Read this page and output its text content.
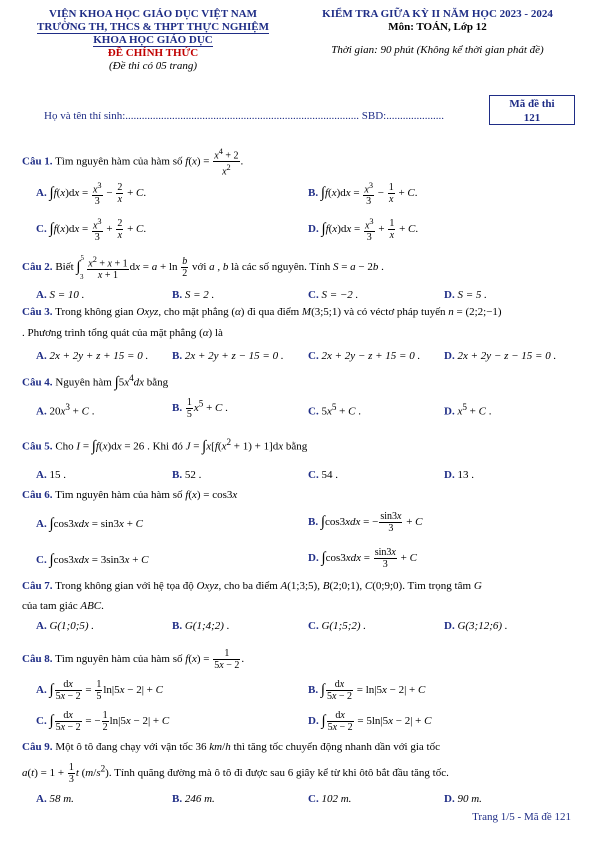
VIỆN KHOA HỌC GIÁO DỤC VIỆT NAM
TRƯỜNG TH, THCS & THPT THỰC NGHIỆM
KHOA HỌC GIÁO DỤC
ĐỀ CHÍNH THỨC
(Đề thi có 05 trang)
KIỂM TRA GIỮA KỲ II NĂM HỌC 2023 - 2024
Môn: TOÁN, Lớp 12
Thời gian: 90 phút (Không kể thời gian phát đề)
Họ và tên thí sinh:..................................................................................... SBD:.....................
Mã đề thi
121
Câu 1. Tìm nguyên hàm của hàm số $f(x) = \frac{x^4 + 2}{x^2}$ .
A. $\int f(x)dx = \frac{x^3}{3} - \frac{2}{x} + C$.	B. $\int f(x)dx = \frac{x^3}{3} - \frac{1}{x} + C$.
C. $\int f(x)dx = \frac{x^3}{3} + \frac{2}{x} + C$.	D. $\int f(x)dx = \frac{x^3}{3} + \frac{1}{x} + C$.
Câu 2. Biết $\int^53 \frac{x^2 + x + 1}{x + 1}$ dx = $a + \ln \frac{b}{2}$ với a , b là các số nguyên. Tính S = a − 2b .
A. S = 10 .	B. S = 2 .	C. S = −2 .	D. S = 5 .
Câu 3. Trong không gian Oxyz, cho mặt phẳng (α) đi qua điểm M(3;5;1) và có véctơ pháp tuyến n = (2;2;−1)
. Phương trình tổng quát của mặt phẳng (α) là
A. 2x + 2y + z + 15 = 0 . B. 2x + 2y + z − 15 = 0 . C. 2x + 2y − z + 15 = 0 . D. 2x + 2y − z − 15 = 0 .
Câu 4. Nguyên hàm $\int 5x^4dx$ bằng
A. $20x^3 + C$ .	B. $\frac{1}{5} x^5 + C$ .	C. $5x^5 + C$ .	D. $x^5 + C$ .
Câu 5. Cho I = ∫f(x)dx = 26 . Khi đó $J = \int x[f(x^2 + 1) + 1]dx$ bằng
A. 15 .	B. 52 .	C. 54 .	D. 13 .
Câu 6. Tìm nguyên hàm của hàm số f(x) = cos3x
A. ∫cos3xdx = sin3x + C	B. ∫cos3xdx = − $\frac{\sin 3x}{3} + C$
C. ∫cos3xdx = 3sin3x + C	D. $\int\cos 3xdx = \frac{\sin 3x}{3} + C$
Câu 7. Trong không gian với hệ tọa độ Oxyz, cho ba điểm A(1;3;5), B(2;0;1), C(0;9;0). Tìm trọng tâm G
của tam giác ABC.
A. G(1;0;5) .	B. G(1;4;2) .	C. G(1;5;2) .	D. G(3;12;6) .
Câu 8. Tìm nguyên hàm của hàm số $f(x) = \frac{1}{5x - 2}$ .
A. ∫ $\frac{dx}{5x - 2} = \frac{1}{5} \ln|5x - 2| + C$	B. ∫ $\frac{dx}{5x - 2} = \ln|5x - 2| + C$
C. ∫ $\frac{dx}{5x - 2}$ = − $\frac{1}{2} \ln|5x - 2| + C$	D. ∫ $\frac{dx}{5x - 2} = 5\ln|5x - 2| + C$
Câu 9. Một ô tô đang chạy với vận tốc 36 km/h thì tăng tốc chuyển động nhanh dần với gia tốc
$a(t) = 1 + \frac{1}{3}$ t $(m/s^2)$. Tính quãng đường mà ô tô đi được sau 6 giây kể từ khi ôtô bắt đầu tăng tốc.
A. 58 m.	B. 246 m.	C. 102 m.	D. 90 m.
Trang 1/5 - Mã đề 121
